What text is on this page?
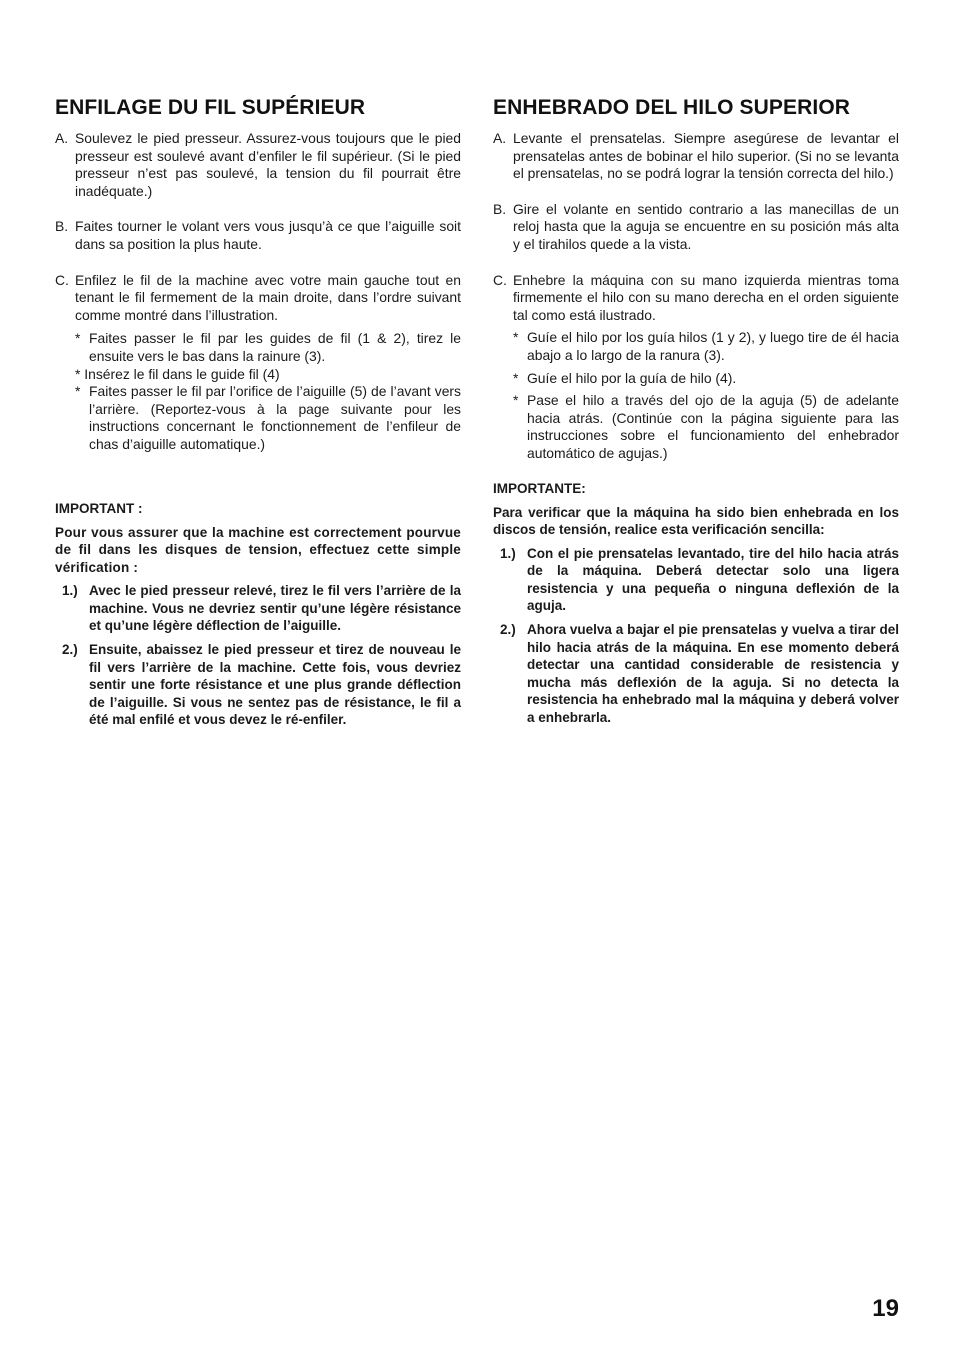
ENFILAGE DU FIL SUPÉRIEUR

A. Soulevez le pied presseur. Assurez-vous toujours que le pied presseur est soulevé avant d’enfiler le fil supérieur. (Si le pied presseur n’est pas soulevé, la tension du fil pourrait être inadéquate.)

B. Faites tourner le volant vers vous jusqu’à ce que l’aiguille soit dans sa position la plus haute.

C. Enfilez le fil de la machine avec votre main gauche tout en tenant le fil fermement de la main droite, dans l’ordre suivant comme montré dans l’illustration.

* Faites passer le fil par les guides de fil (1 & 2), tirez le ensuite vers le bas dans la rainure (3).

* Insérez le fil dans le guide fil (4)

* Faites passer le fil par l’orifice de l’aiguille (5) de l’avant vers l’arrière. (Reportez-vous à la page suivante pour les instructions concernant le fonctionnement de l’enfileur de chas d’aiguille automatique.)

IMPORTANT :

Pour vous assurer que la machine est correctement pourvue de fil dans les disques de tension, effectuez cette simple vérification :

1.) Avec le pied presseur relevé, tirez le fil vers l’arrière de la machine. Vous ne devriez sentir qu’une légère résistance et qu’une légère déflection de l’aiguille.

2.) Ensuite, abaissez le pied presseur et tirez de nouveau le fil vers l’arrière de la machine. Cette fois, vous devriez sentir une forte résistance et une plus grande déflection de l’aiguille. Si vous ne sentez pas de résistance, le fil a été mal enfilé et vous devez le ré-enfiler.

ENHEBRADO DEL HILO SUPERIOR

A. Levante el prensatelas. Siempre asegúrese de levantar el prensatelas antes de bobinar el hilo superior. (Si no se levanta el prensatelas, no se podrá lograr la tensión correcta del hilo.)

B. Gire el volante en sentido contrario a las manecillas de un reloj hasta que la aguja se encuentre en su posición más alta y el tirahilos quede a la vista.

C. Enhebre la máquina con su mano izquierda mientras toma firmemente el hilo con su mano derecha en el orden siguiente tal como está ilustrado.

* Guíe el hilo por los guía hilos (1 y 2), y luego tire de él hacia abajo a lo largo de la ranura (3).

* Guíe el hilo por la guía de hilo (4).

* Pase el hilo a través del ojo de la aguja (5) de adelante hacia atrás. (Continúe con la página siguiente para las instrucciones sobre el funcionamiento del enhebrador automático de agujas.)

IMPORTANTE:

Para verificar que la máquina ha sido bien enhebrada en los discos de tensión, realice esta verificación sencilla:

1.) Con el pie prensatelas levantado, tire del hilo hacia atrás de la máquina. Deberá detectar solo una ligera resistencia y una pequeña o ninguna deflexión de la aguja.

2.) Ahora vuelva a bajar el pie prensatelas y vuelva a tirar del hilo hacia atrás de la máquina. En ese momento deberá detectar una cantidad considerable de resistencia y mucha más deflexión de la aguja. Si no detecta la resistencia ha enhebrado mal la máquina y deberá volver a enhebrarla.

19
